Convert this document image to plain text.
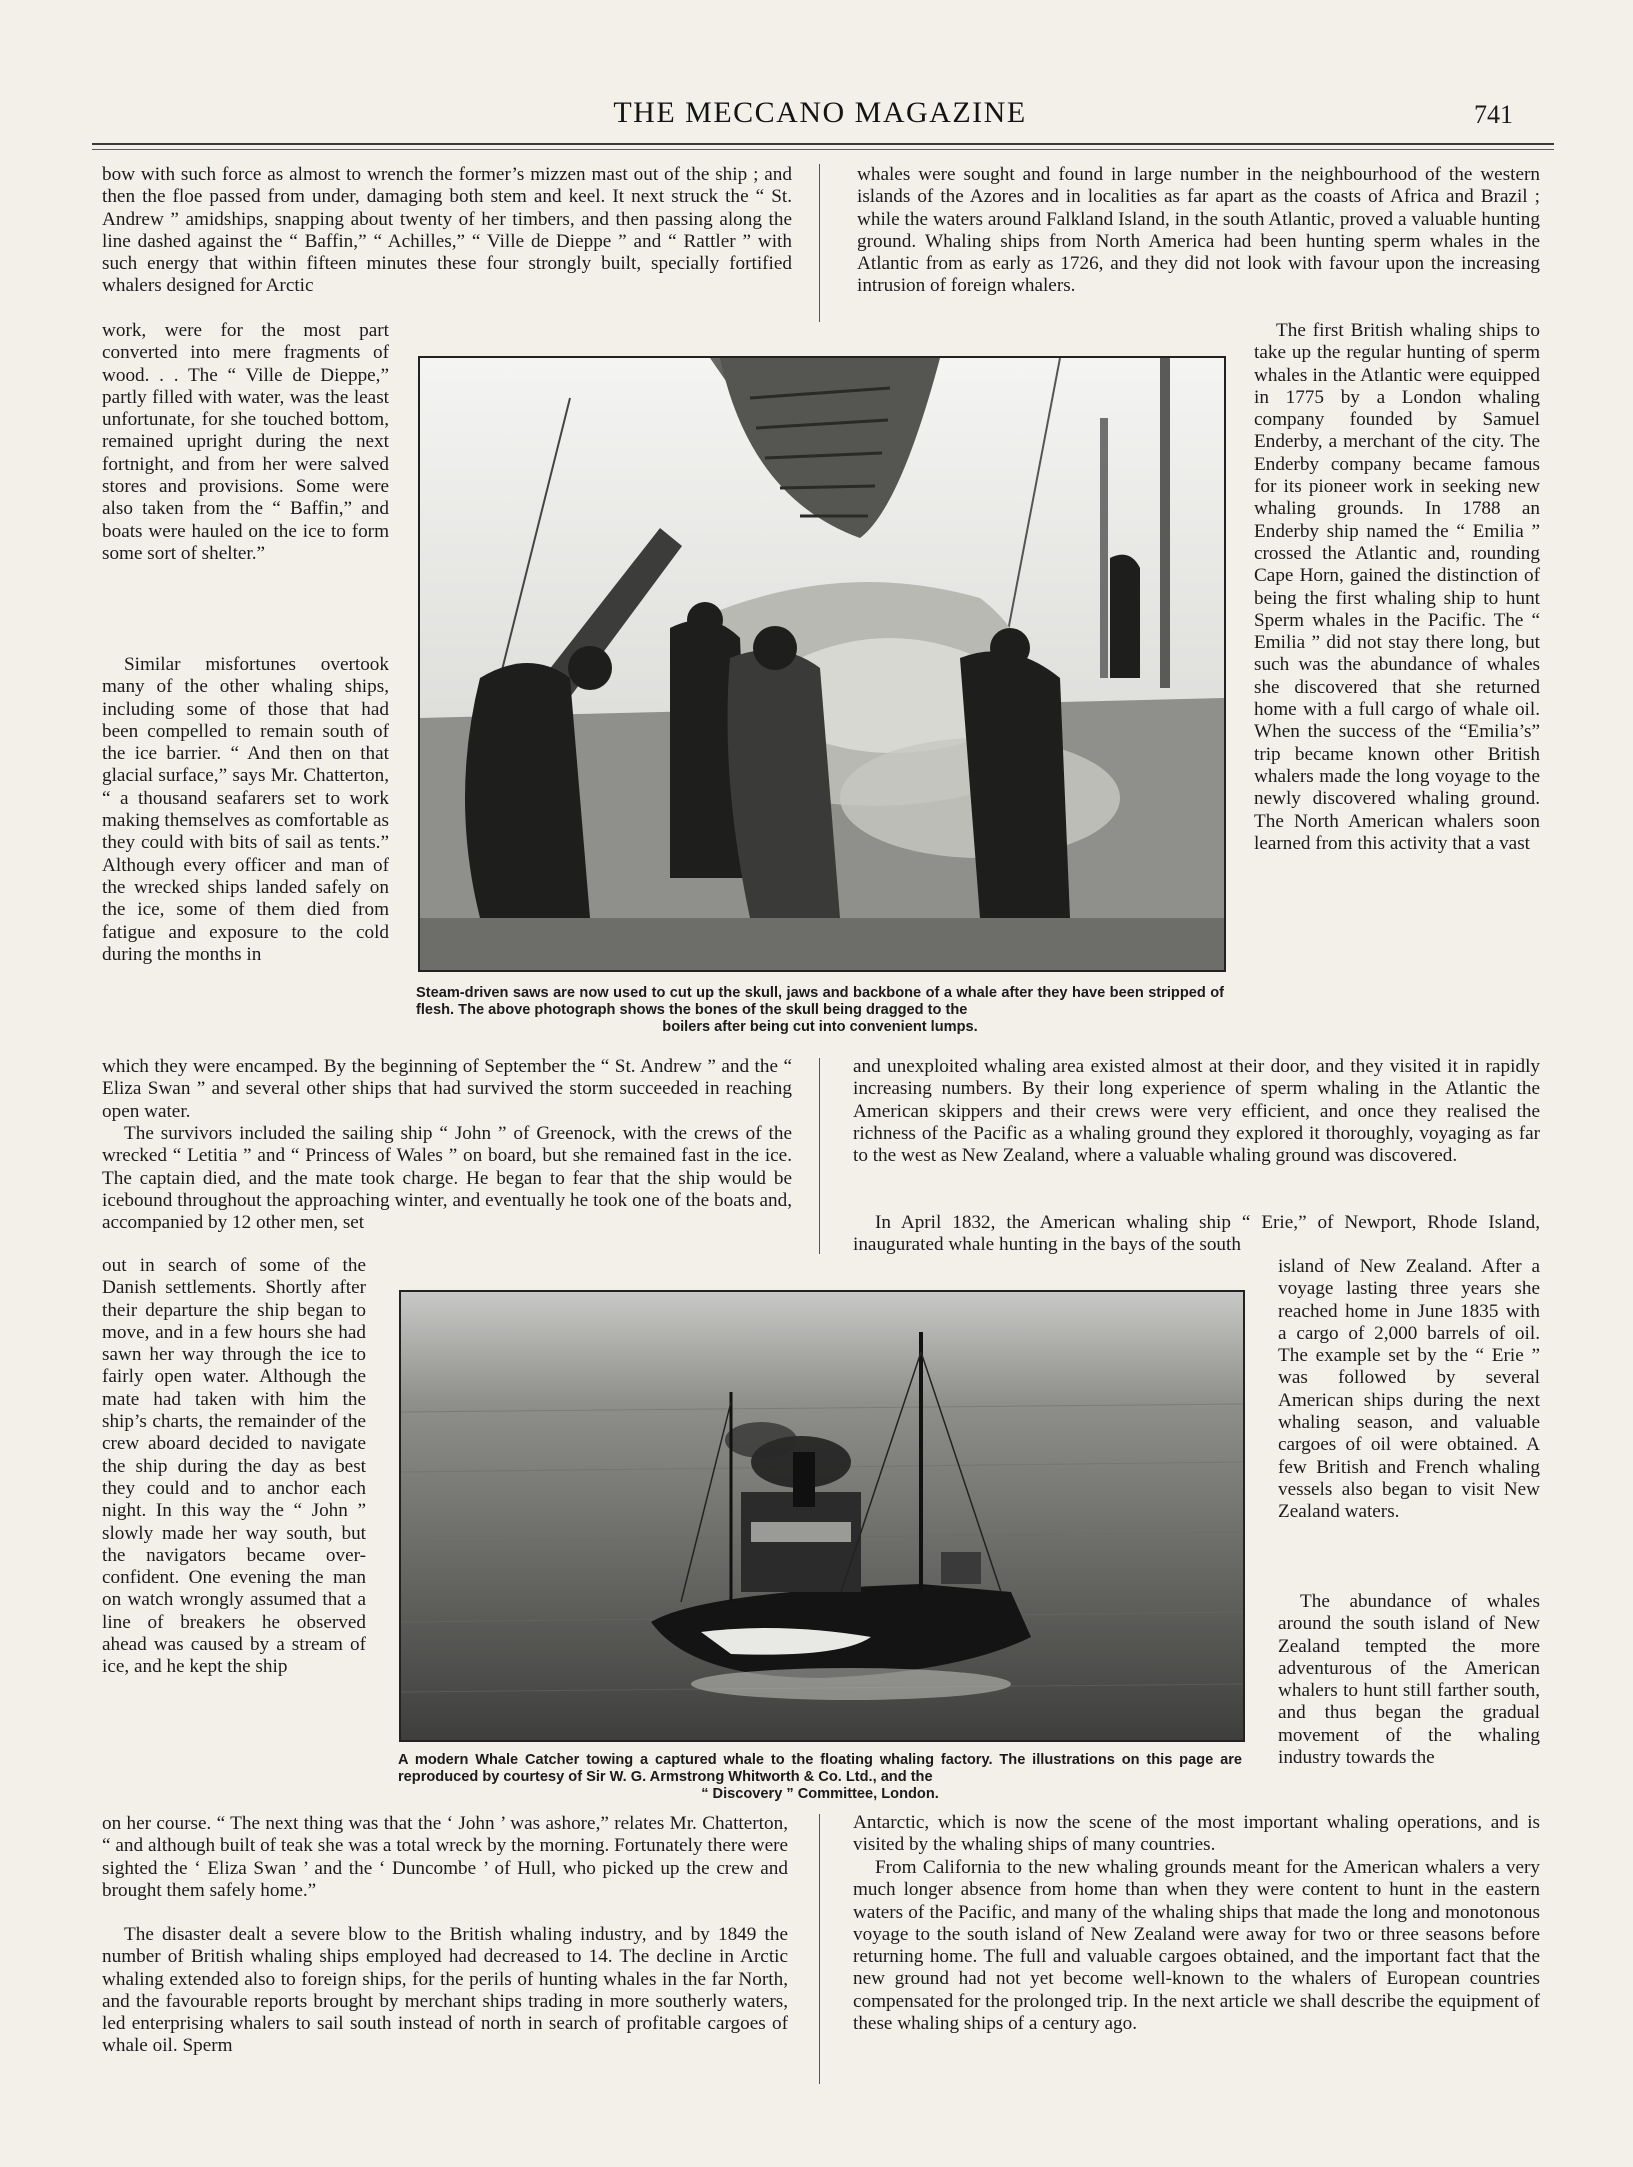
THE MECCANO MAGAZINE	741

bow with such force as almost to wrench the former’s mizzen mast out of the ship ; and then the floe passed from under, damaging both stem and keel. It next struck the “ St. Andrew ” amidships, snapping about twenty of her timbers, and then passing along the line dashed against the “ Baffin,” “ Achilles,” “ Ville de Dieppe ” and “ Rattler ” with such energy that within fifteen minutes these four strongly built, specially fortified whalers designed for Arctic

work, were for the most part converted into mere fragments of wood. . . The “ Ville de Dieppe,” partly filled with water, was the least unfortunate, for she touched bottom, remained upright during the next fortnight, and from her were salved stores and provisions. Some were also taken from the “ Baffin,” and boats were hauled on the ice to form some sort of shelter.”

Similar misfortunes overtook many of the other whaling ships, including some of those that had been compelled to remain south of the ice barrier. “ And then on that glacial surface,” says Mr. Chatterton, “ a thousand seafarers set to work making themselves as comfortable as they could with bits of sail as tents.” Although every officer and man of the wrecked ships landed safely on the ice, some of them died from fatigue and exposure to the cold during the months in

which they were encamped. By the beginning of September the “ St. Andrew ” and the “ Eliza Swan ” and several other ships that had survived the storm succeeded in reaching open water.

The survivors included the sailing ship “ John ” of Greenock, with the crews of the wrecked “ Letitia ” and “ Princess of Wales ” on board, but she remained fast in the ice. The captain died, and the mate took charge. He began to fear that the ship would be icebound throughout the approaching winter, and eventually he took one of the boats and, accompanied by 12 other men, set

out in search of some of the Danish settlements. Shortly after their departure the ship began to move, and in a few hours she had sawn her way through the ice to fairly open water. Although the mate had taken with him the ship’s charts, the remainder of the crew aboard decided to navigate the ship during the day as best they could and to anchor each night. In this way the “ John ” slowly made her way south, but the navigators became over-confident. One evening the man on watch wrongly assumed that a line of breakers he observed ahead was caused by a stream of ice, and he kept the ship

on her course. “ The next thing was that the ‘ John ’ was ashore,” relates Mr. Chatterton, “ and although built of teak she was a total wreck by the morning. Fortunately there were sighted the ‘ Eliza Swan ’ and the ‘ Duncombe ’ of Hull, who picked up the crew and brought them safely home.”

The disaster dealt a severe blow to the British whaling industry, and by 1849 the number of British whaling ships employed had decreased to 14. The decline in Arctic whaling extended also to foreign ships, for the perils of hunting whales in the far North, and the favourable reports brought by merchant ships trading in more southerly waters, led enterprising whalers to sail south instead of north in search of profitable cargoes of whale oil. Sperm

whales were sought and found in large number in the neighbourhood of the western islands of the Azores and in localities as far apart as the coasts of Africa and Brazil ; while the waters around Falkland Island, in the south Atlantic, proved a valuable hunting ground. Whaling ships from North America had been hunting sperm whales in the Atlantic from as early as 1726, and they did not look with favour upon the increasing intrusion of foreign whalers.

The first British whaling ships to take up the regular hunting of sperm whales in the Atlantic were equipped in 1775 by a London whaling company founded by Samuel Enderby, a merchant of the city. The Enderby company became famous for its pioneer work in seeking new whaling grounds. In 1788 an Enderby ship named the “ Emilia ” crossed the Atlantic and, rounding Cape Horn, gained the distinction of being the first whaling ship to hunt Sperm whales in the Pacific. The “ Emilia ” did not stay there long, but such was the abundance of whales she discovered that she returned home with a full cargo of whale oil. When the success of the “Emilia’s” trip became known other British whalers made the long voyage to the newly discovered whaling ground. The North American whalers soon learned from this activity that a vast

and unexploited whaling area existed almost at their door, and they visited it in rapidly increasing numbers. By their long experience of sperm whaling in the Atlantic the American skippers and their crews were very efficient, and once they realised the richness of the Pacific as a whaling ground they explored it thoroughly, voyaging as far to the west as New Zealand, where a valuable whaling ground was discovered.

In April 1832, the American whaling ship “ Erie,” of Newport, Rhode Island, inaugurated whale hunting in the bays of the south

island of New Zealand. After a voyage lasting three years she reached home in June 1835 with a cargo of 2,000 barrels of oil. The example set by the “ Erie ” was followed by several American ships during the next whaling season, and valuable cargoes of oil were obtained. A few British and French whaling vessels also began to visit New Zealand waters.

The abundance of whales around the south island of New Zealand tempted the more adventurous of the American whalers to hunt still farther south, and thus began the gradual movement of the whaling industry towards the

Antarctic, which is now the scene of the most important whaling operations, and is visited by the whaling ships of many countries.

From California to the new whaling grounds meant for the American whalers a very much longer absence from home than when they were content to hunt in the eastern waters of the Pacific, and many of the whaling ships that made the long and monotonous voyage to the south island of New Zealand were away for two or three seasons before returning home. The full and valuable cargoes obtained, and the important fact that the new ground had not yet become well-known to the whalers of European countries compensated for the prolonged trip. In the next article we shall describe the equipment of these whaling ships of a century ago.

Steam-driven saws are now used to cut up the skull, jaws and backbone of a whale after they have been stripped of flesh. The above photograph shows the bones of the skull being dragged to the
boilers after being cut into convenient lumps.

A modern Whale Catcher towing a captured whale to the floating whaling factory. The illustrations on this page are reproduced by courtesy of Sir W. G. Armstrong Whitworth & Co. Ltd., and the
“ Discovery ” Committee, London.
